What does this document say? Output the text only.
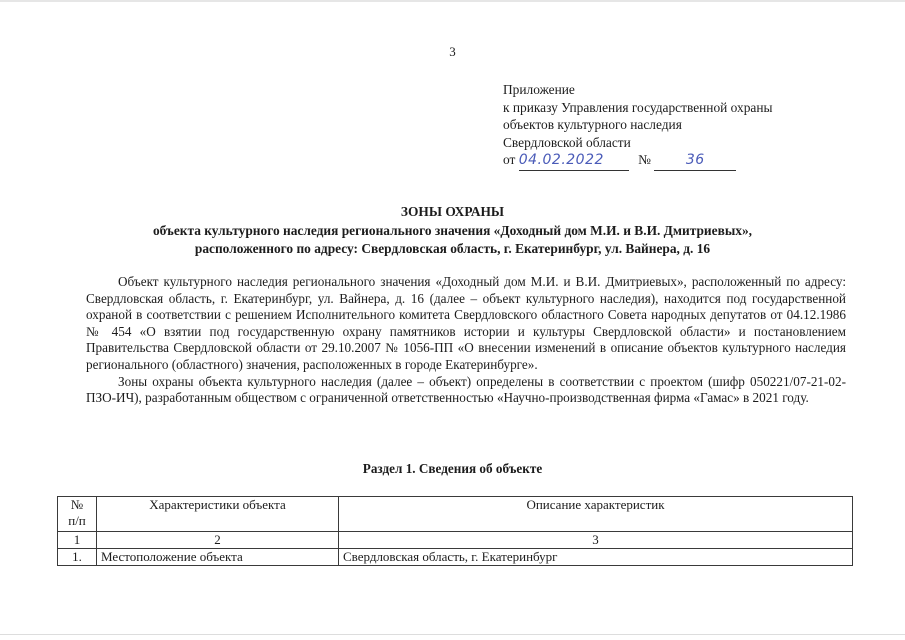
3
Приложение
к приказу Управления государственной охраны
объектов культурного наследия
Свердловской области
от 04.02.2022	№ 36
ЗОНЫ ОХРАНЫ
объекта культурного наследия регионального значения «Доходный дом М.И. и В.И. Дмитриевых»,
расположенного по адресу: Свердловская область, г. Екатеринбург, ул. Вайнера, д. 16

Объект культурного наследия регионального значения «Доходный дом М.И. и В.И. Дмитриевых», расположенный по адресу: Свердловская область, г. Екатеринбург, ул. Вайнера, д. 16 (далее – объект культурного наследия), находится под государственной охраной в соответствии с решением Исполнительного комитета Свердловского областного Совета народных депутатов от 04.12.1986 № 454 «О взятии под государственную охрану памятников истории и культуры Свердловской области» и постановлением Правительства Свердловской области от 29.10.2007 № 1056-ПП «О внесении изменений в описание объектов культурного наследия регионального (областного) значения, расположенных в городе Екатеринбурге».

Зоны охраны объекта культурного наследия (далее – объект) определены в соответствии с проектом (шифр 050221/07-21-02-ПЗО-ИЧ), разработанным обществом с ограниченной ответственностью «Научно-производственная фирма «Гамас» в 2021 году.

Раздел 1. Сведения об объекте
№
п/п	Характеристики объекта	Описание характеристик
1	2	3
1.	Местоположение объекта	Свердловская область, г. Екатеринбург
